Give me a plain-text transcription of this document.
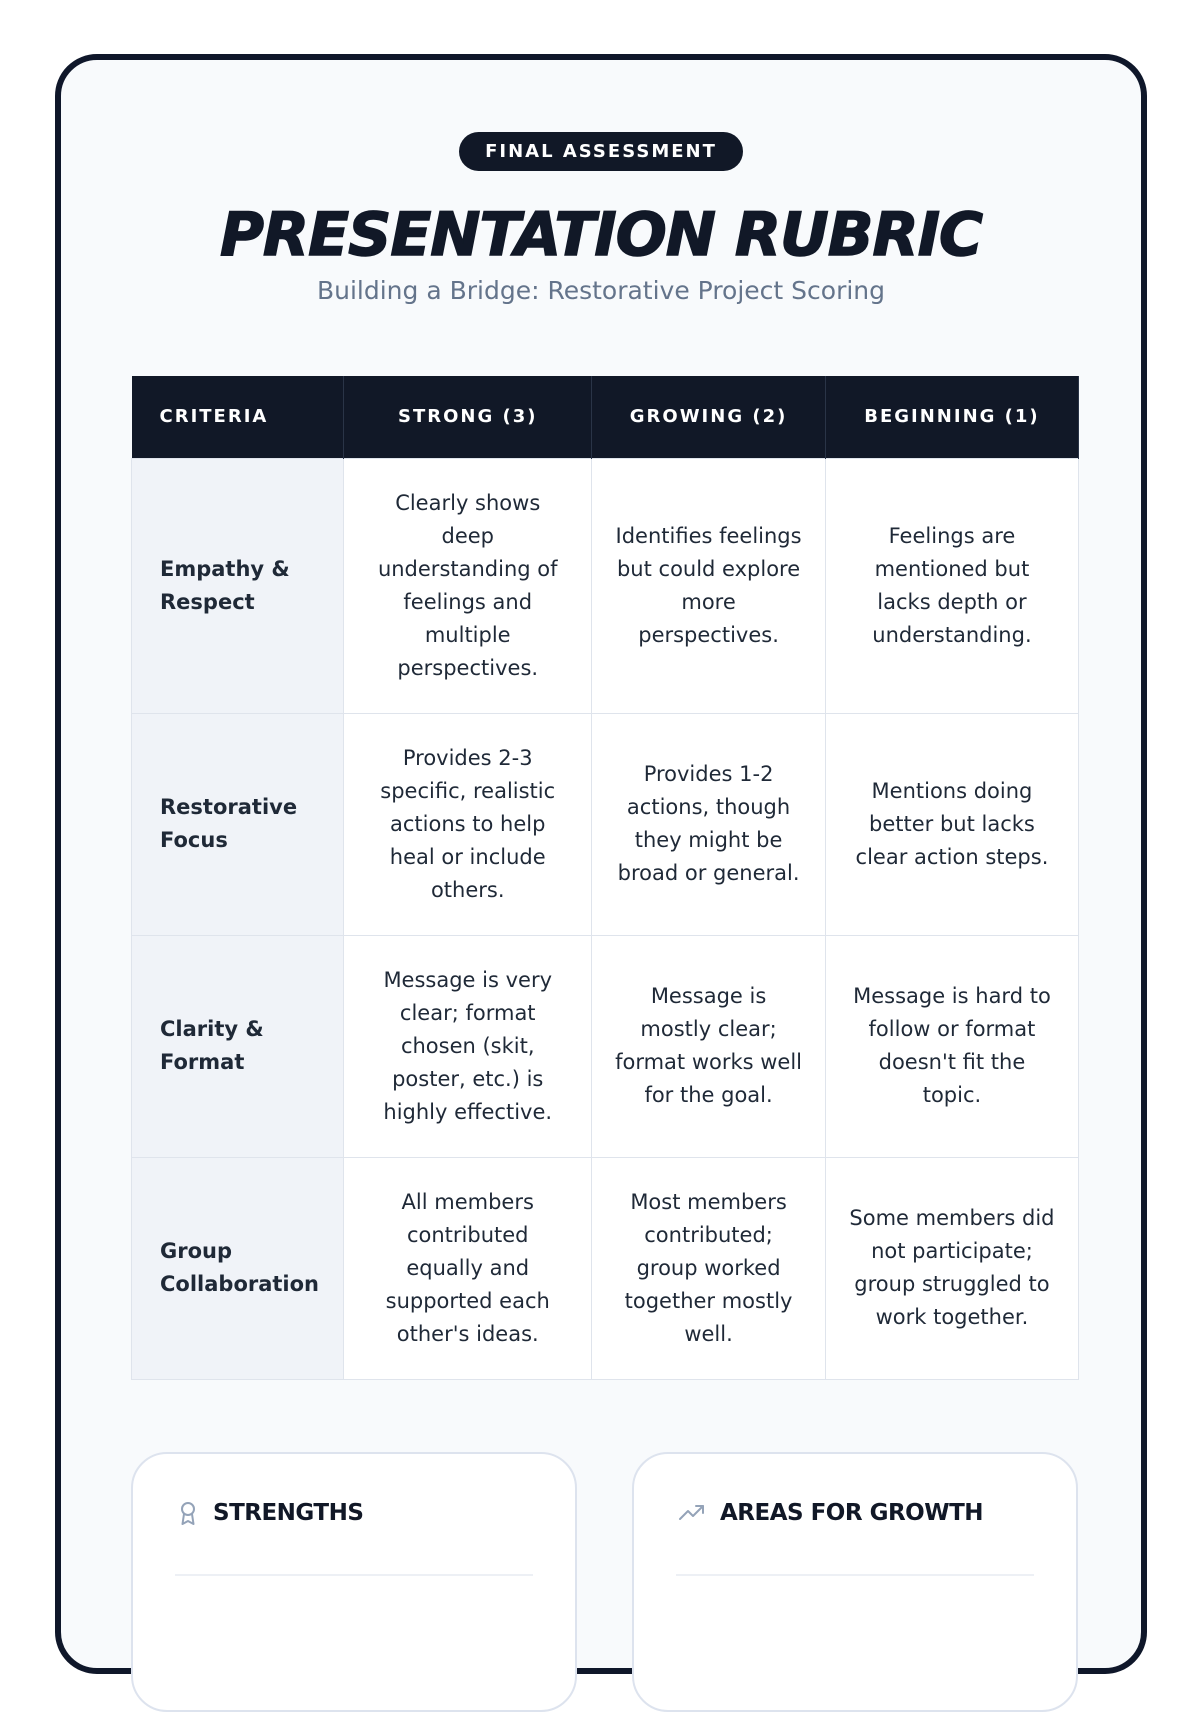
FINAL ASSESSMENT
PRESENTATION RUBRIC
Building a Bridge: Restorative Project Scoring
CRITERIA	STRONG (3)	GROWING (2)	BEGINNING (1)
Empathy & Respect	Clearly shows deep understanding of feelings and multiple perspectives.	Identifies feelings but could explore more perspectives.	Feelings are mentioned but lacks depth or understanding.
Restorative Focus	Provides 2-3 specific, realistic actions to help heal or include others.	Provides 1-2 actions, though they might be broad or general.	Mentions doing better but lacks clear action steps.
Clarity & Format	Message is very clear; format chosen (skit, poster, etc.) is highly effective.	Message is mostly clear; format works well for the goal.	Message is hard to follow or format doesn't fit the topic.
Group Collaboration	All members contributed equally and supported each other's ideas.	Most members contributed; group worked together mostly well.	Some members did not participate; group struggled to work together.
STRENGTHS	AREAS FOR GROWTH
